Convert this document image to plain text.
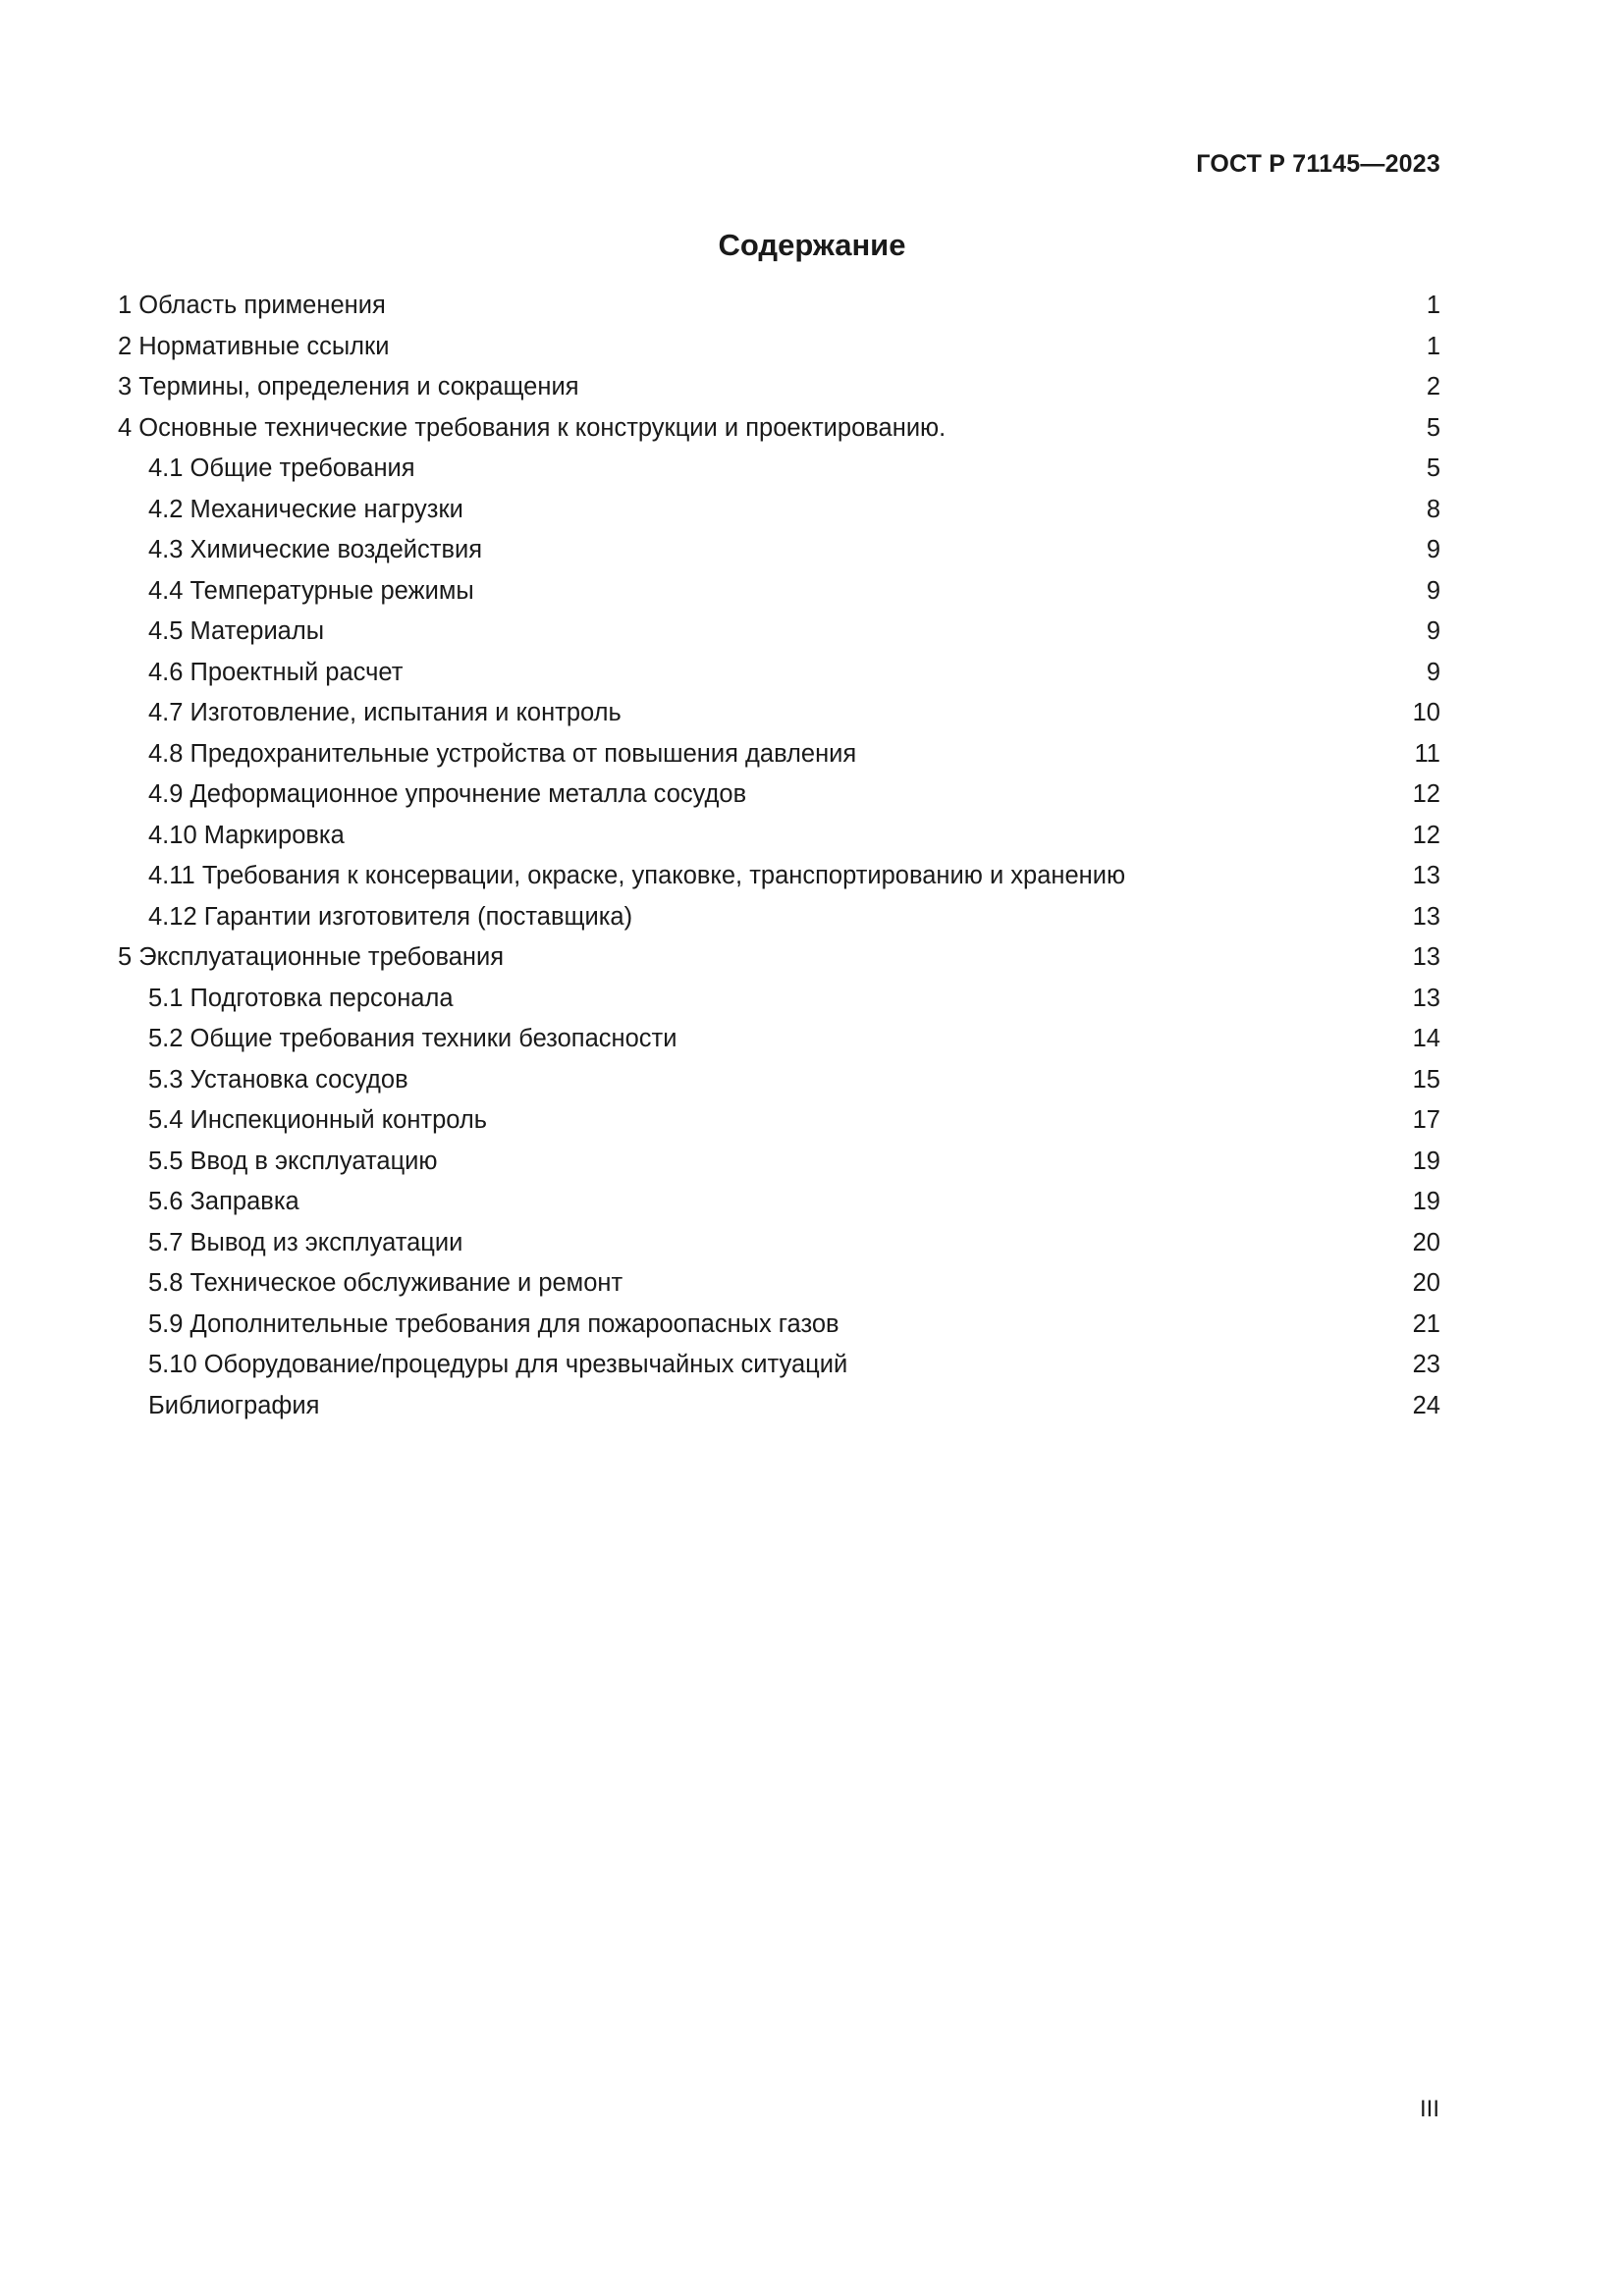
ГОСТ Р 71145—2023
Содержание
1 Область применения . . .	1
2 Нормативные ссылки . . .	1
3 Термины, определения и сокращения . . .	2
4 Основные технические требования к конструкции и проектированию. . . .	5
4.1 Общие требования . . .	5
4.2 Механические нагрузки . . .	8
4.3 Химические воздействия . . .	9
4.4 Температурные режимы . . .	9
4.5 Материалы . . .	9
4.6 Проектный расчет . . .	9
4.7 Изготовление, испытания и контроль . . .	10
4.8 Предохранительные устройства от повышения давления . . .	11
4.9 Деформационное упрочнение металла сосудов . . .	12
4.10 Маркировка . . .	12
4.11 Требования к консервации, окраске, упаковке, транспортированию и хранению . . .	13
4.12 Гарантии изготовителя (поставщика) . . .	13
5 Эксплуатационные требования . . .	13
5.1 Подготовка персонала . . .	13
5.2 Общие требования техники безопасности . . .	14
5.3 Установка сосудов . . .	15
5.4 Инспекционный контроль . . .	17
5.5 Ввод в эксплуатацию . . .	19
5.6 Заправка . . .	19
5.7 Вывод из эксплуатации . . .	20
5.8 Техническое обслуживание и ремонт . . .	20
5.9 Дополнительные требования для пожароопасных газов . . .	21
5.10 Оборудование/процедуры для чрезвычайных ситуаций . . .	23
Библиография . . .	24
III
